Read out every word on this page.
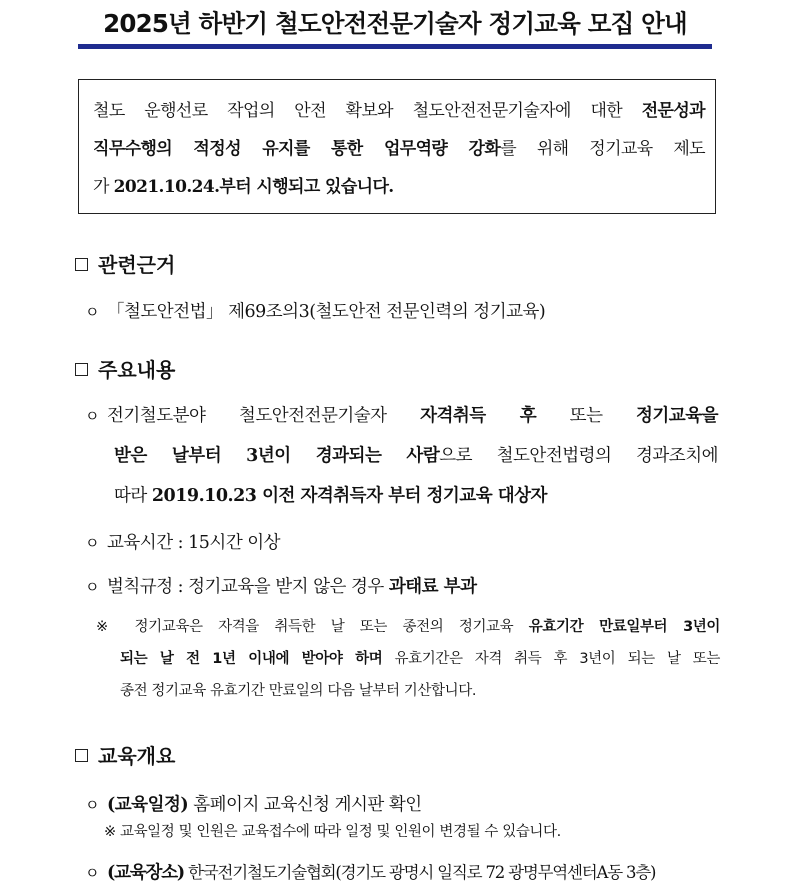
2025년 하반기 철도안전전문기술자 정기교육 모집 안내
철도 운행선로 작업의 안전 확보와 철도안전전문기술자에 대한 전문성과
직무수행의 적정성 유지를 통한 업무역량 강화를 위해 정기교육 제도
가 2021.10.24.부터 시행되고 있습니다.
관련근거
ㅇ 「철도안전법」 제69조의3(철도안전 전문인력의 정기교육)
주요내용
ㅇ 전기철도분야 철도안전전문기술자 자격취득 후 또는 정기교육을
받은 날부터 3년이 경과되는 사람으로 철도안전법령의 경과조치에
따라 2019.10.23 이전 자격취득자 부터 정기교육 대상자
ㅇ 교육시간 : 15시간 이상
ㅇ 벌칙규정 : 정기교육을 받지 않은 경우 과태료 부과
※ 정기교육은 자격을 취득한 날 또는 종전의 정기교육 유효기간 만료일부터 3년이
되는 날 전 1년 이내에 받아야 하며 유효기간은 자격 취득 후 3년이 되는 날 또는
종전 정기교육 유효기간 만료일의 다음 날부터 기산합니다.
교육개요
ㅇ (교육일정) 홈페이지 교육신청 게시판 확인
※ 교육일정 및 인원은 교육접수에 따라 일정 및 인원이 변경될 수 있습니다.
ㅇ (교육장소) 한국전기철도기술협회(경기도 광명시 일직로 72 광명무역센터A동 3층)
